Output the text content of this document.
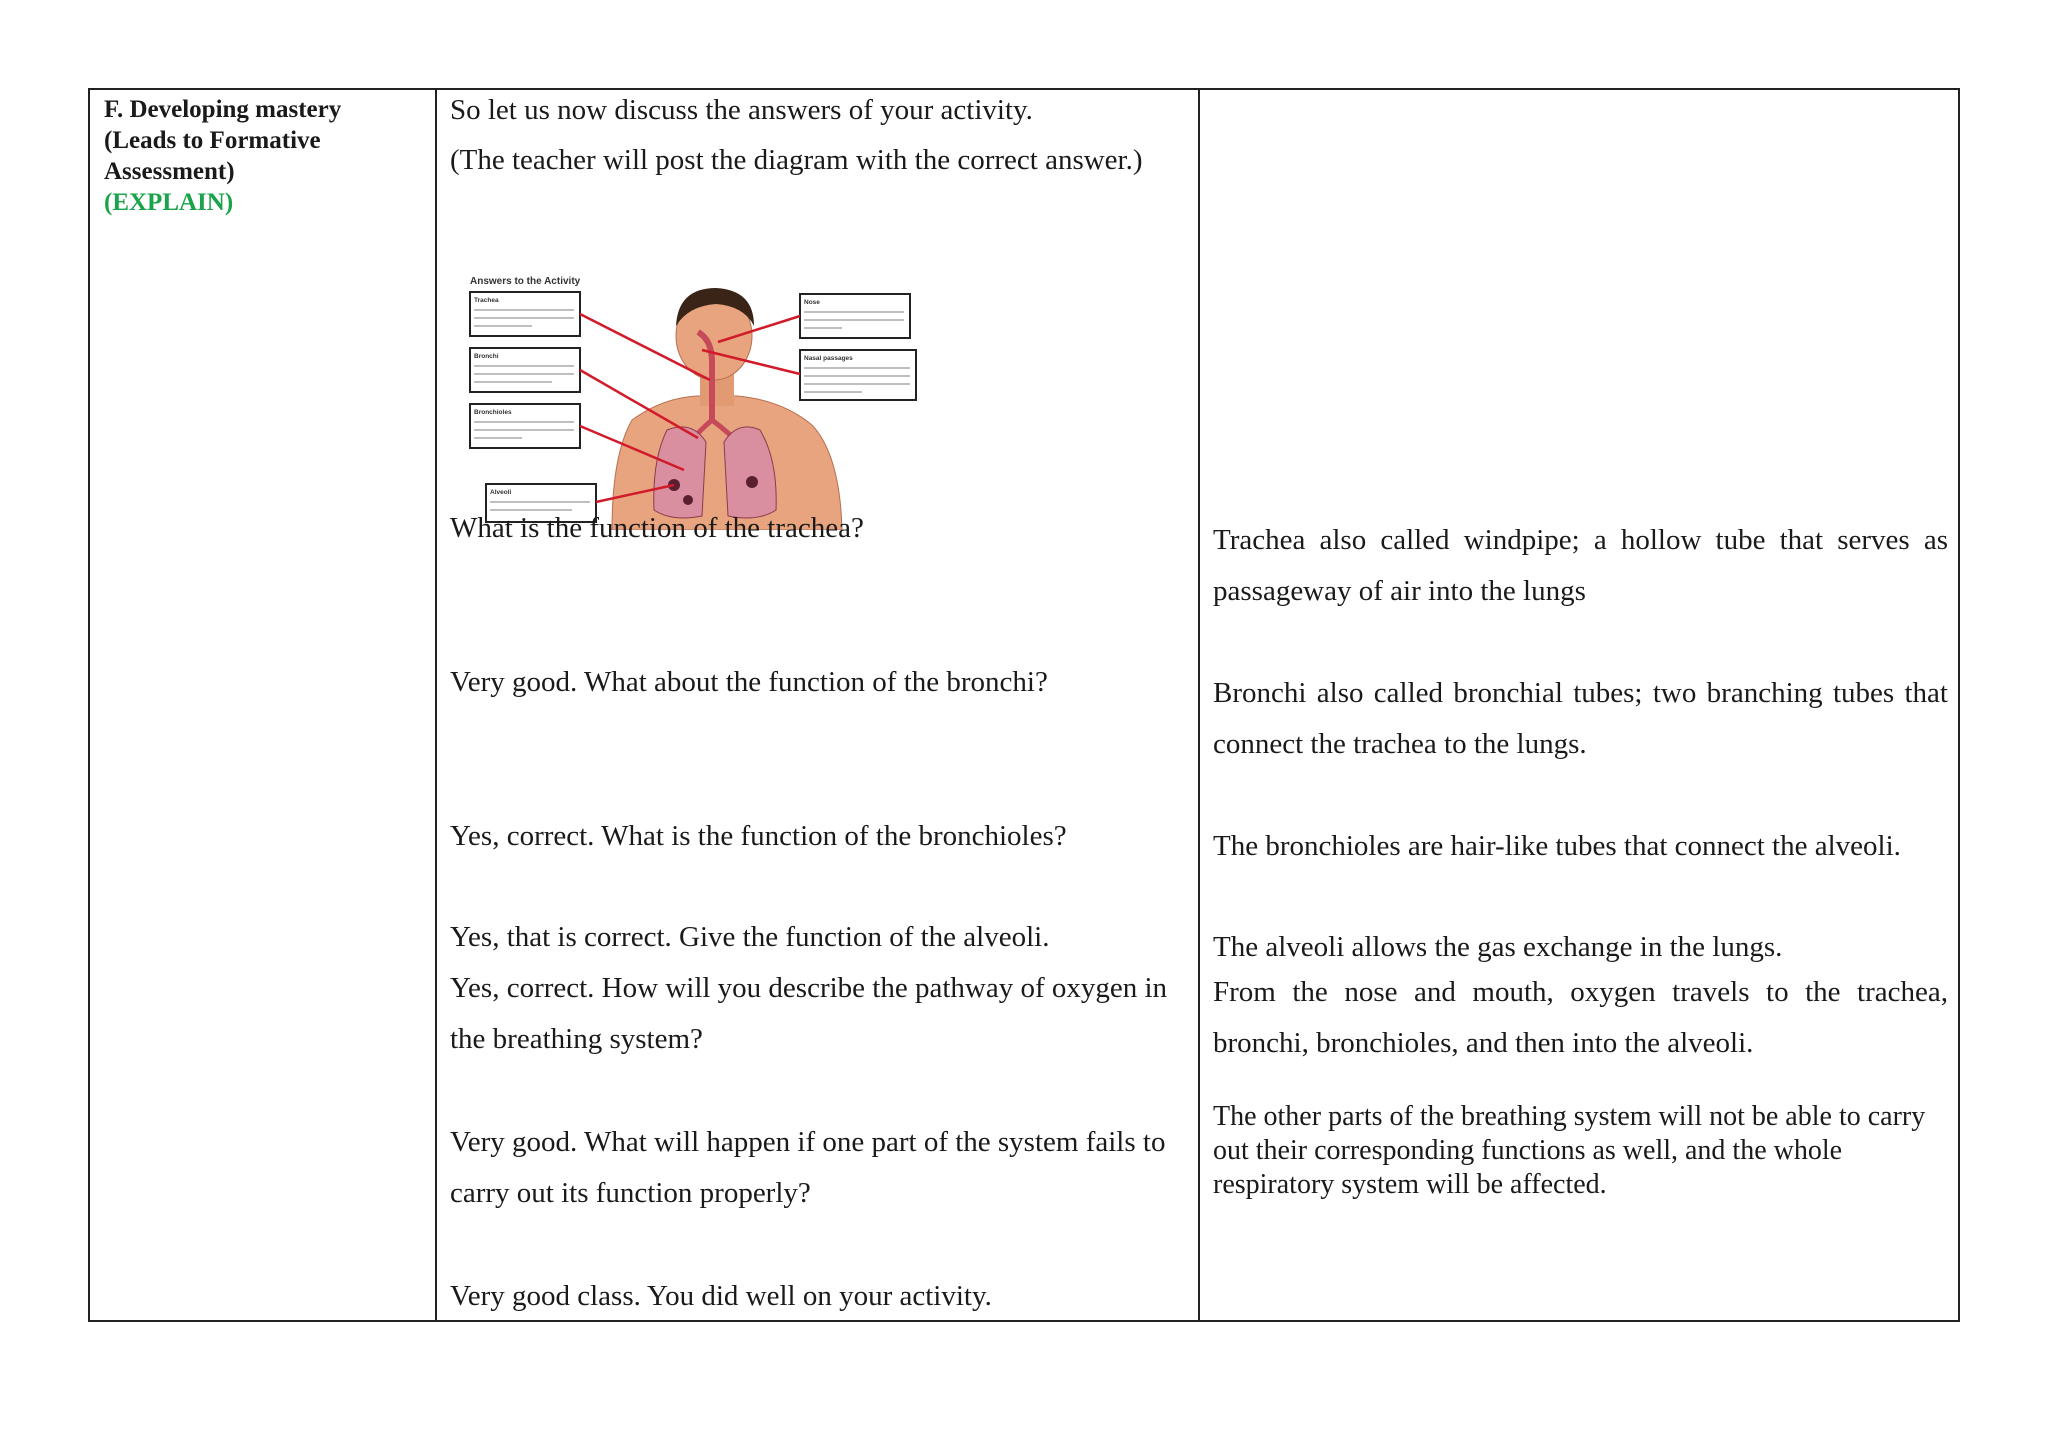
F. Developing mastery
(Leads to Formative
Assessment)
(EXPLAIN)
So let us now discuss the answers of your activity.
(The teacher will post the diagram with the correct answer.)
Answers to the Activity
Trachea
Bronchi
Bronchioles
Alveoli
Nose
Nasal passages
What is the function of the trachea?
Very good. What about the function of the bronchi?
Yes, correct. What is the function of the bronchioles?
Yes, that is correct. Give the function of the alveoli.
Yes, correct. How will you describe the pathway of oxygen in
the breathing system?
Very good. What will happen if one part of the system fails to
carry out its function properly?
Very good class. You did well on your activity.
Trachea also called windpipe; a hollow tube that serves as passageway of air into the lungs
Bronchi also called bronchial tubes; two branching tubes that connect the trachea to the lungs.
The bronchioles are hair-like tubes that connect the alveoli.
The alveoli allows the gas exchange in the lungs.
From the nose and mouth, oxygen travels to the trachea, bronchi, bronchioles, and then into the alveoli.
The other parts of the breathing system will not be able to carry out their corresponding functions as well, and the whole respiratory system will be affected.
